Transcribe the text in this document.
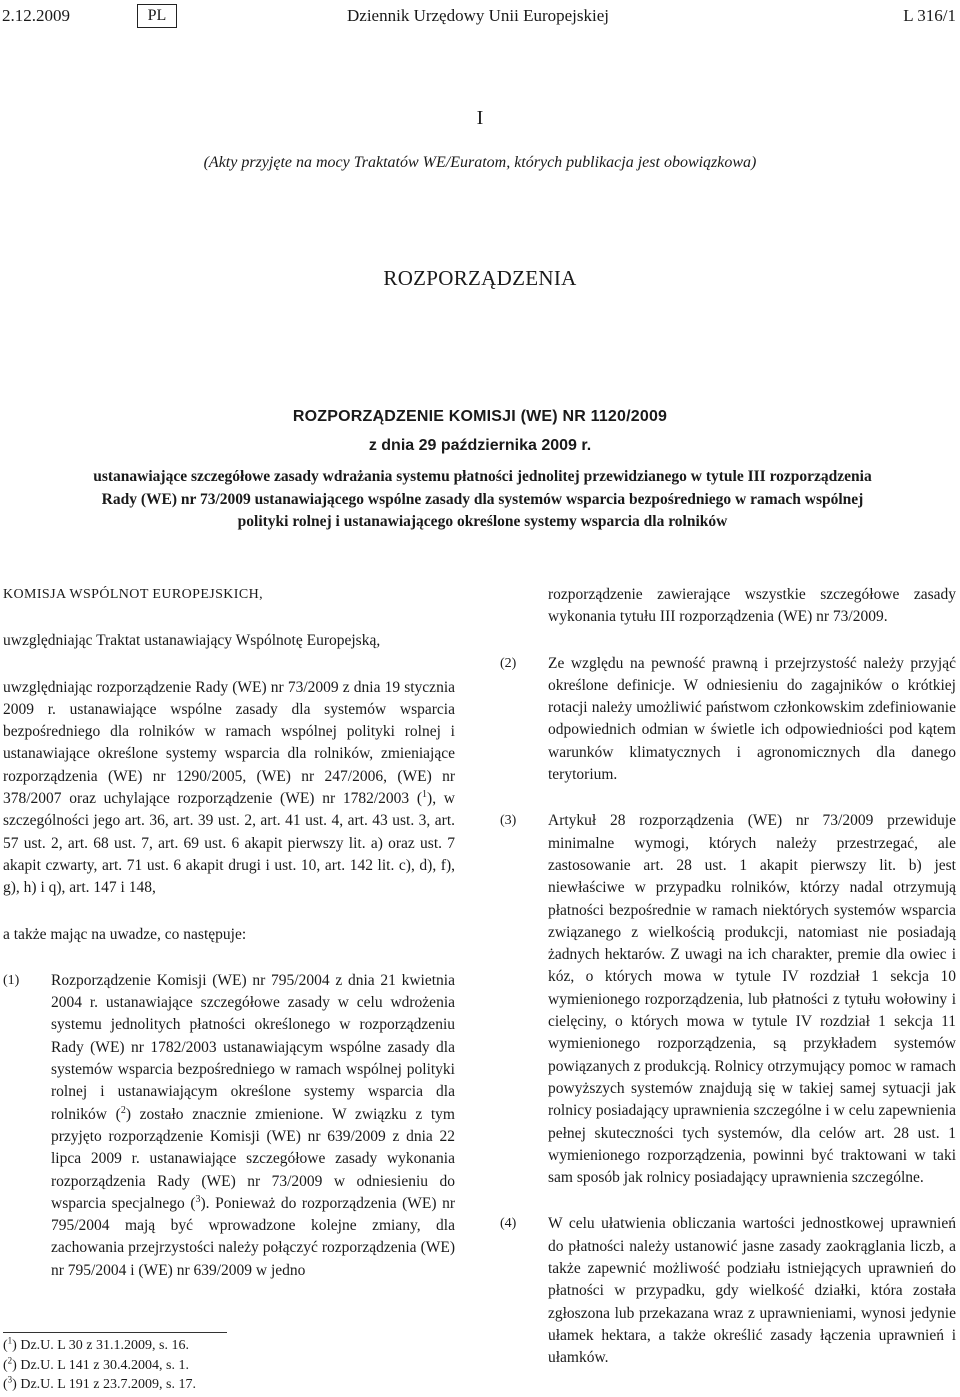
2.12.2009	PL	Dziennik Urzędowy Unii Europejskiej	L 316/1
I
(Akty przyjęte na mocy Traktatów WE/Euratom, których publikacja jest obowiązkowa)
ROZPORZĄDZENIA
ROZPORZĄDZENIE KOMISJI (WE) NR 1120/2009
z dnia 29 października 2009 r.
ustanawiające szczegółowe zasady wdrażania systemu płatności jednolitej przewidzianego w tytule III rozporządzenia Rady (WE) nr 73/2009 ustanawiającego wspólne zasady dla systemów wsparcia bezpośredniego w ramach wspólnej polityki rolnej i ustanawiającego określone systemy wsparcia dla rolników

KOMISJA WSPÓLNOT EUROPEJSKICH,

uwzględniając Traktat ustanawiający Wspólnotę Europejską,

uwzględniając rozporządzenie Rady (WE) nr 73/2009 z dnia 19 stycznia 2009 r. ustanawiające wspólne zasady dla systemów wsparcia bezpośredniego dla rolników w ramach wspólnej polityki rolnej i ustanawiające określone systemy wsparcia dla rolników, zmieniające rozporządzenia (WE) nr 1290/2005, (WE) nr 247/2006, (WE) nr 378/2007 oraz uchylające rozporządzenie (WE) nr 1782/2003 ($^1$), w szczególności jego art. 36, art. 39 ust. 2, art. 41 ust. 4, art. 43 ust. 3, art. 57 ust. 2, art. 68 ust. 7, art. 69 ust. 6 akapit pierwszy lit. a) oraz ust. 7 akapit czwarty, art. 71 ust. 6 akapit drugi i ust. 10, art. 142 lit. c), d), f), g), h) i q), art. 147 i 148,

a także mając na uwadze, co następuje:

(1)	Rozporządzenie Komisji (WE) nr 795/2004 z dnia 21 kwietnia 2004 r. ustanawiające szczegółowe zasady w celu wdrożenia systemu jednolitych płatności określonego w rozporządzeniu Rady (WE) nr 1782/2003 ustanawiającym wspólne zasady dla systemów wsparcia bezpośredniego w ramach wspólnej polityki rolnej i ustanawiającym określone systemy wsparcia dla rolników ($^2$) zostało znacznie zmienione. W związku z tym przyjęto rozporządzenie Komisji (WE) nr 639/2009 z dnia 22 lipca 2009 r. ustanawiające szczegółowe zasady wykonania rozporządzenia Rady (WE) nr 73/2009 w odniesieniu do wsparcia specjalnego ($^3$). Ponieważ do rozporządzenia (WE) nr 795/2004 mają być wprowadzone kolejne zmiany, dla zachowania przejrzystości należy połączyć rozporządzenia (WE) nr 795/2004 i (WE) nr 639/2009 w jedno

rozporządzenie zawierające wszystkie szczegółowe zasady wykonania tytułu III rozporządzenia (WE) nr 73/2009.

(2)	Ze względu na pewność prawną i przejrzystość należy przyjąć określone definicje. W odniesieniu do zagajników o krótkiej rotacji należy umożliwić państwom członkowskim zdefiniowanie odpowiednich odmian w świetle ich odpowiedniości pod kątem warunków klimatycznych i agronomicznych dla danego terytorium.
(3)	Artykuł 28 rozporządzenia (WE) nr 73/2009 przewiduje minimalne wymogi, których należy przestrzegać, ale zastosowanie art. 28 ust. 1 akapit pierwszy lit. b) jest niewłaściwe w przypadku rolników, którzy nadal otrzymują płatności bezpośrednie w ramach niektórych systemów wsparcia związanego z wielkością produkcji, natomiast nie posiadają żadnych hektarów. Z uwagi na ich charakter, premie dla owiec i kóz, o których mowa w tytule IV rozdział 1 sekcja 10 wymienionego rozporządzenia, lub płatności z tytułu wołowiny i cielęciny, o których mowa w tytule IV rozdział 1 sekcja 11 wymienionego rozporządzenia, są przykładem systemów powiązanych z produkcją. Rolnicy otrzymujący pomoc w ramach powyższych systemów znajdują się w takiej samej sytuacji jak rolnicy posiadający uprawnienia szczególne i w celu zapewnienia pełnej skuteczności tych systemów, dla celów art. 28 ust. 1 wymienionego rozporządzenia, powinni być traktowani w taki sam sposób jak rolnicy posiadający uprawnienia szczególne.
(4)	W celu ułatwienia obliczania wartości jednostkowej uprawnień do płatności należy ustanowić jasne zasady zaokrąglania liczb, a także zapewnić możliwość podziału istniejących uprawnień do płatności w przypadku, gdy wielkość działki, która została zgłoszona lub przekazana wraz z uprawnieniami, wynosi jedynie ułamek hektara, a także określić zasady łączenia uprawnień i ułamków.
($^1$) Dz.U. L 30 z 31.1.2009, s. 16.
($^2$) Dz.U. L 141 z 30.4.2004, s. 1.
($^3$) Dz.U. L 191 z 23.7.2009, s. 17.
